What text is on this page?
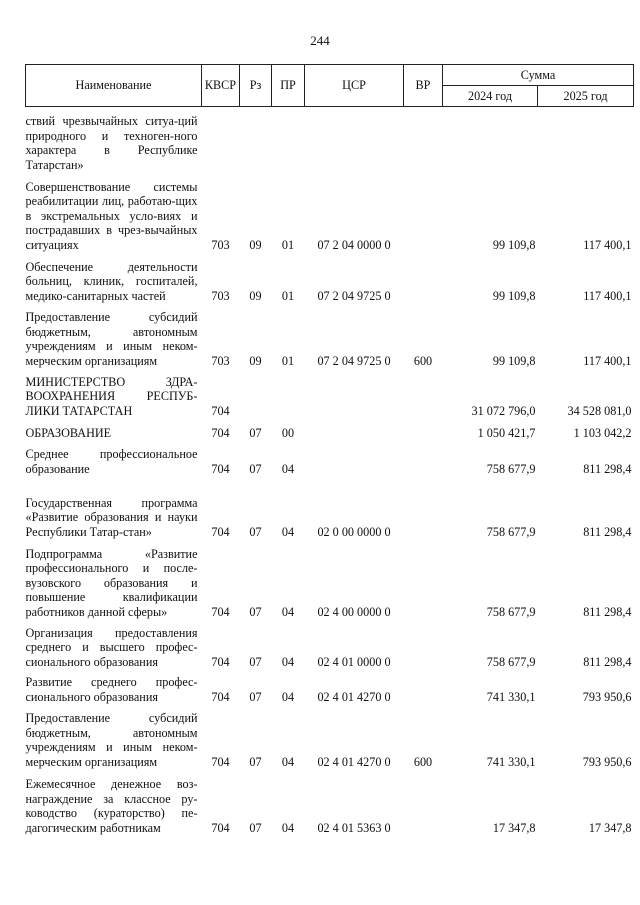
244
Наименование	КВСР	Рз	ПР	ЦСР	ВР	Сумма	
						2024 год	2025 год
ствий чрезвычайных ситуа-ций природного и техноген-ного характера в Республике Татарстан»							
Совершенствование системы реабилитации лиц, работаю-щих в экстремальных усло-виях и пострадавших в чрез-вычайных ситуациях	703	09	01	07 2 04 0000 0		99 109,8	117 400,1
Обеспечение деятельности больниц, клиник, госпиталей, медико-санитарных частей	703	09	01	07 2 04 9725 0		99 109,8	117 400,1
Предоставление субсидий бюджетным, автономным учреждениям и иным неком-мерческим организациям	703	09	01	07 2 04 9725 0	600	99 109,8	117 400,1
МИНИСТЕРСТВО ЗДРА-ВООХРАНЕНИЯ РЕСПУБ-ЛИКИ ТАТАРСТАН	704					31 072 796,0	34 528 081,0
ОБРАЗОВАНИЕ	704	07	00			1 050 421,7	1 103 042,2
Среднее профессиональное образование	704	07	04			758 677,9	811 298,4
Государственная программа «Развитие образования и науки Республики Татар-стан»	704	07	04	02 0 00 0000 0		758 677,9	811 298,4
Подпрограмма «Развитие профессионального и после-вузовского образования и повышение квалификации работников данной сферы»	704	07	04	02 4 00 0000 0		758 677,9	811 298,4
Организация предоставления среднего и высшего профес-сионального образования	704	07	04	02 4 01 0000 0		758 677,9	811 298,4
Развитие среднего профес-сионального образования	704	07	04	02 4 01 4270 0		741 330,1	793 950,6
Предоставление субсидий бюджетным, автономным учреждениям и иным неком-мерческим организациям	704	07	04	02 4 01 4270 0	600	741 330,1	793 950,6
Ежемесячное денежное воз-награждение за классное ру-ководство (кураторство) пе-дагогическим работникам	704	07	04	02 4 01 5363 0		17 347,8	17 347,8
